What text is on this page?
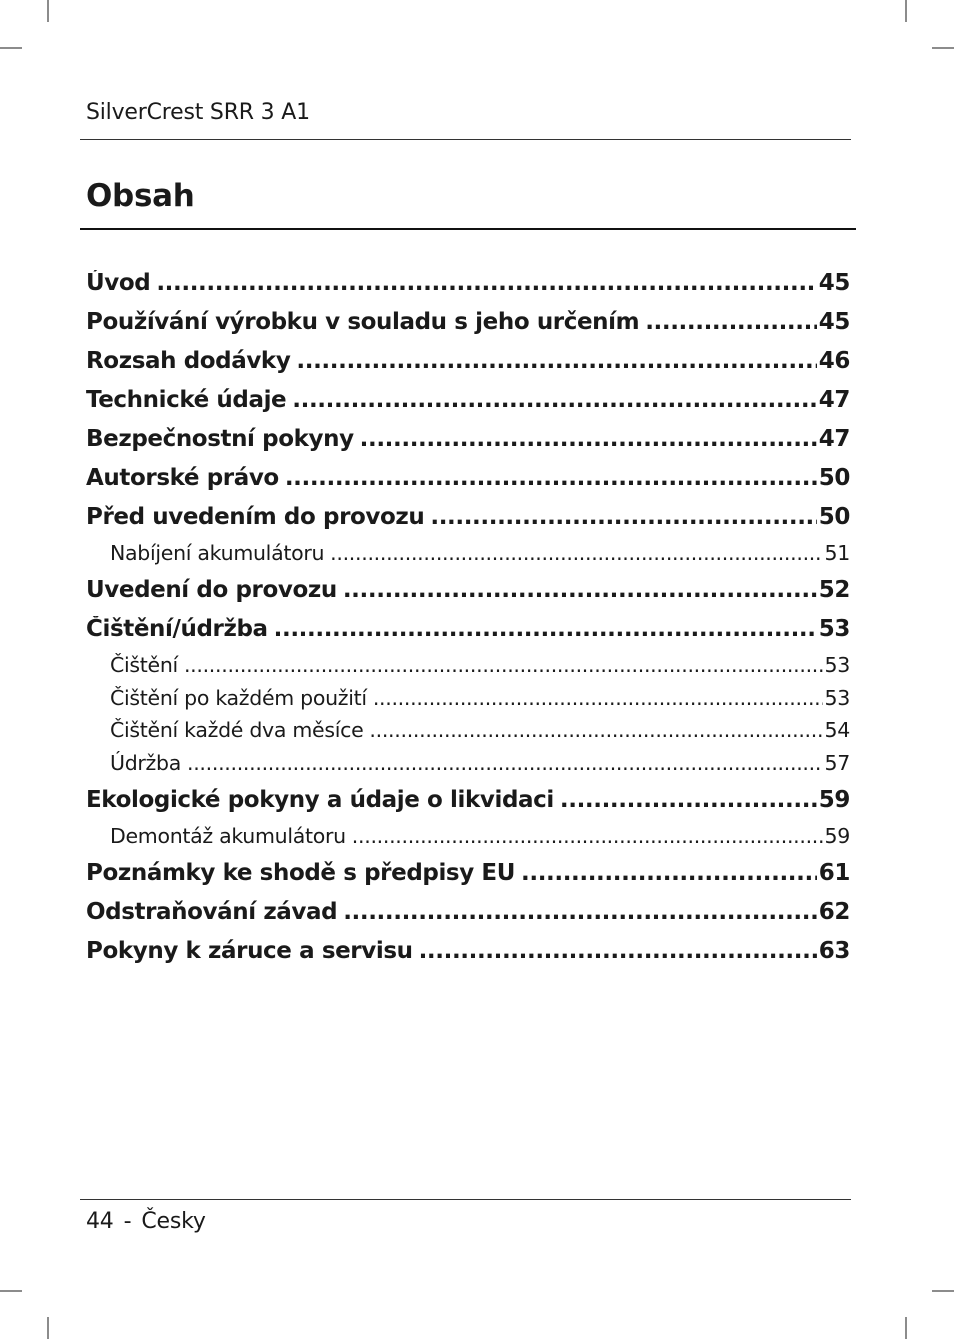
SilverCrest SRR 3 A1
Obsah
Úvod .....	45
Používání výrobku v souladu s jeho určením .....	45
Rozsah dodávky .....	46
Technické údaje .....	47
Bezpečnostní pokyny .....	47
Autorské právo .....	50
Před uvedením do provozu .....	50
Nabíjení akumulátoru .....	51
Uvedení do provozu .....	52
Čištění/údržba .....	53
Čištění .....	53
Čištění po každém použití .....	53
Čištění každé dva měsíce .....	54
Údržba .....	57
Ekologické pokyny a údaje o likvidaci .....	59
Demontáž akumulátoru .....	59
Poznámky ke shodě s předpisy EU .....	61
Odstraňování závad .....	62
Pokyny k záruce a servisu .....	63
44 - Česky
